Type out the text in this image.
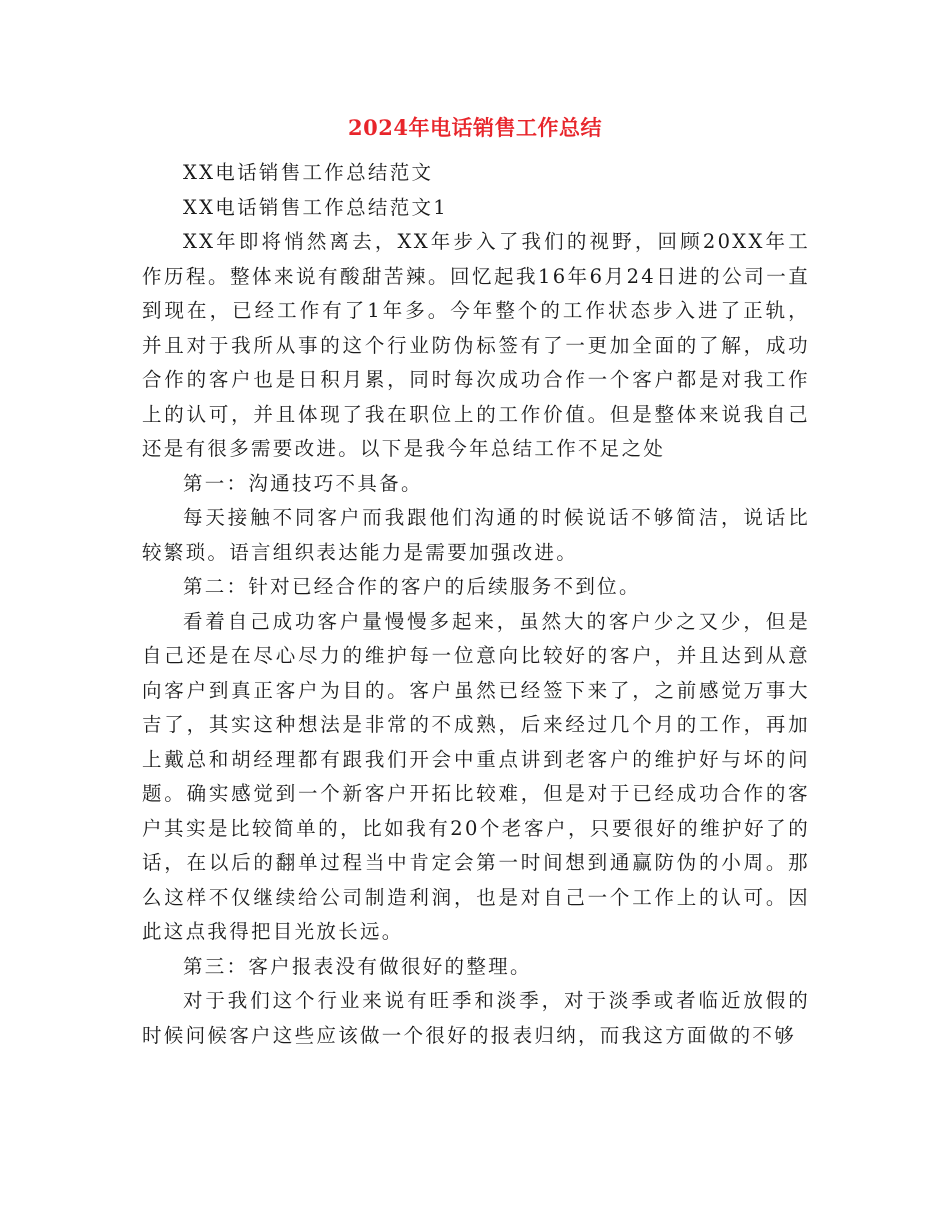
2024年电话销售工作总结

XX电话销售工作总结范文

XX电话销售工作总结范文1

XX年即将悄然离去，XX年步入了我们的视野，回顾20XX年工作历程。整体来说有酸甜苦辣。回忆起我16年6月24日进的公司一直到现在，已经工作有了1年多。今年整个的工作状态步入进了正轨，并且对于我所从事的这个行业防伪标签有了一更加全面的了解，成功合作的客户也是日积月累，同时每次成功合作一个客户都是对我工作上的认可，并且体现了我在职位上的工作价值。但是整体来说我自己还是有很多需要改进。以下是我今年总结工作不足之处

第一：沟通技巧不具备。

每天接触不同客户而我跟他们沟通的时候说话不够简洁，说话比较繁琐。语言组织表达能力是需要加强改进。

第二：针对已经合作的客户的后续服务不到位。

看着自己成功客户量慢慢多起来，虽然大的客户少之又少，但是自己还是在尽心尽力的维护每一位意向比较好的客户，并且达到从意向客户到真正客户为目的。客户虽然已经签下来了，之前感觉万事大吉了，其实这种想法是非常的不成熟，后来经过几个月的工作，再加上戴总和胡经理都有跟我们开会中重点讲到老客户的维护好与坏的问题。确实感觉到一个新客户开拓比较难，但是对于已经成功合作的客户其实是比较简单的，比如我有20个老客户，只要很好的维护好了的话，在以后的翻单过程当中肯定会第一时间想到通赢防伪的小周。那么这样不仅继续给公司制造利润，也是对自己一个工作上的认可。因此这点我得把目光放长远。

第三：客户报表没有做很好的整理。

对于我们这个行业来说有旺季和淡季，对于淡季或者临近放假的时候问候客户这些应该做一个很好的报表归纳，而我这方面做的不够
